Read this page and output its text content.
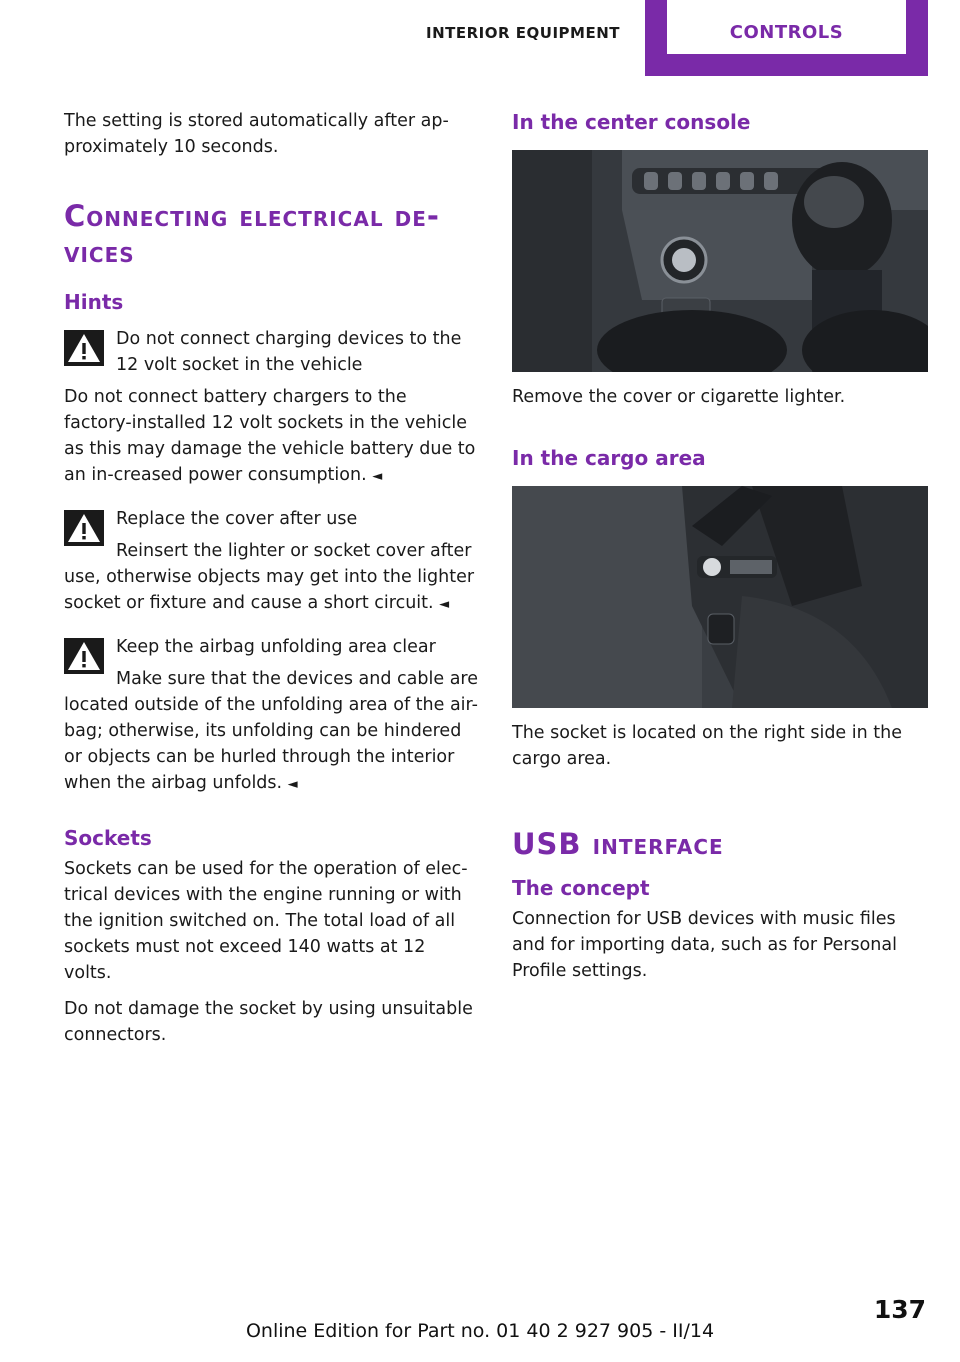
INTERIOR EQUIPMENT	CONTROLS

The setting is stored automatically after ap-proximately 10 seconds.

Connecting electrical de-vices
Hints
Do not connect charging devices to the 12 volt socket in the vehicle

Do not connect battery chargers to the factory-installed 12 volt sockets in the vehicle as this may damage the vehicle battery due to an in-creased power consumption. ◄

Replace the cover after use

Reinsert the lighter or socket cover after use, otherwise objects may get into the lighter socket or fixture and cause a short circuit. ◄

Keep the airbag unfolding area clear

Make sure that the devices and cable are located outside of the unfolding area of the air-bag; otherwise, its unfolding can be hindered or objects can be hurled through the interior when the airbag unfolds. ◄

Sockets

Sockets can be used for the operation of elec-trical devices with the engine running or with the ignition switched on. The total load of all sockets must not exceed 140 watts at 12 volts.

Do not damage the socket by using unsuitable connectors.

In the center console

Remove the cover or cigarette lighter.

In the cargo area

The socket is located on the right side in the cargo area.

USB interface
The concept

Connection for USB devices with music files and for importing data, such as for Personal Profile settings.

137
Online Edition for Part no. 01 40 2 927 905 - II/14
